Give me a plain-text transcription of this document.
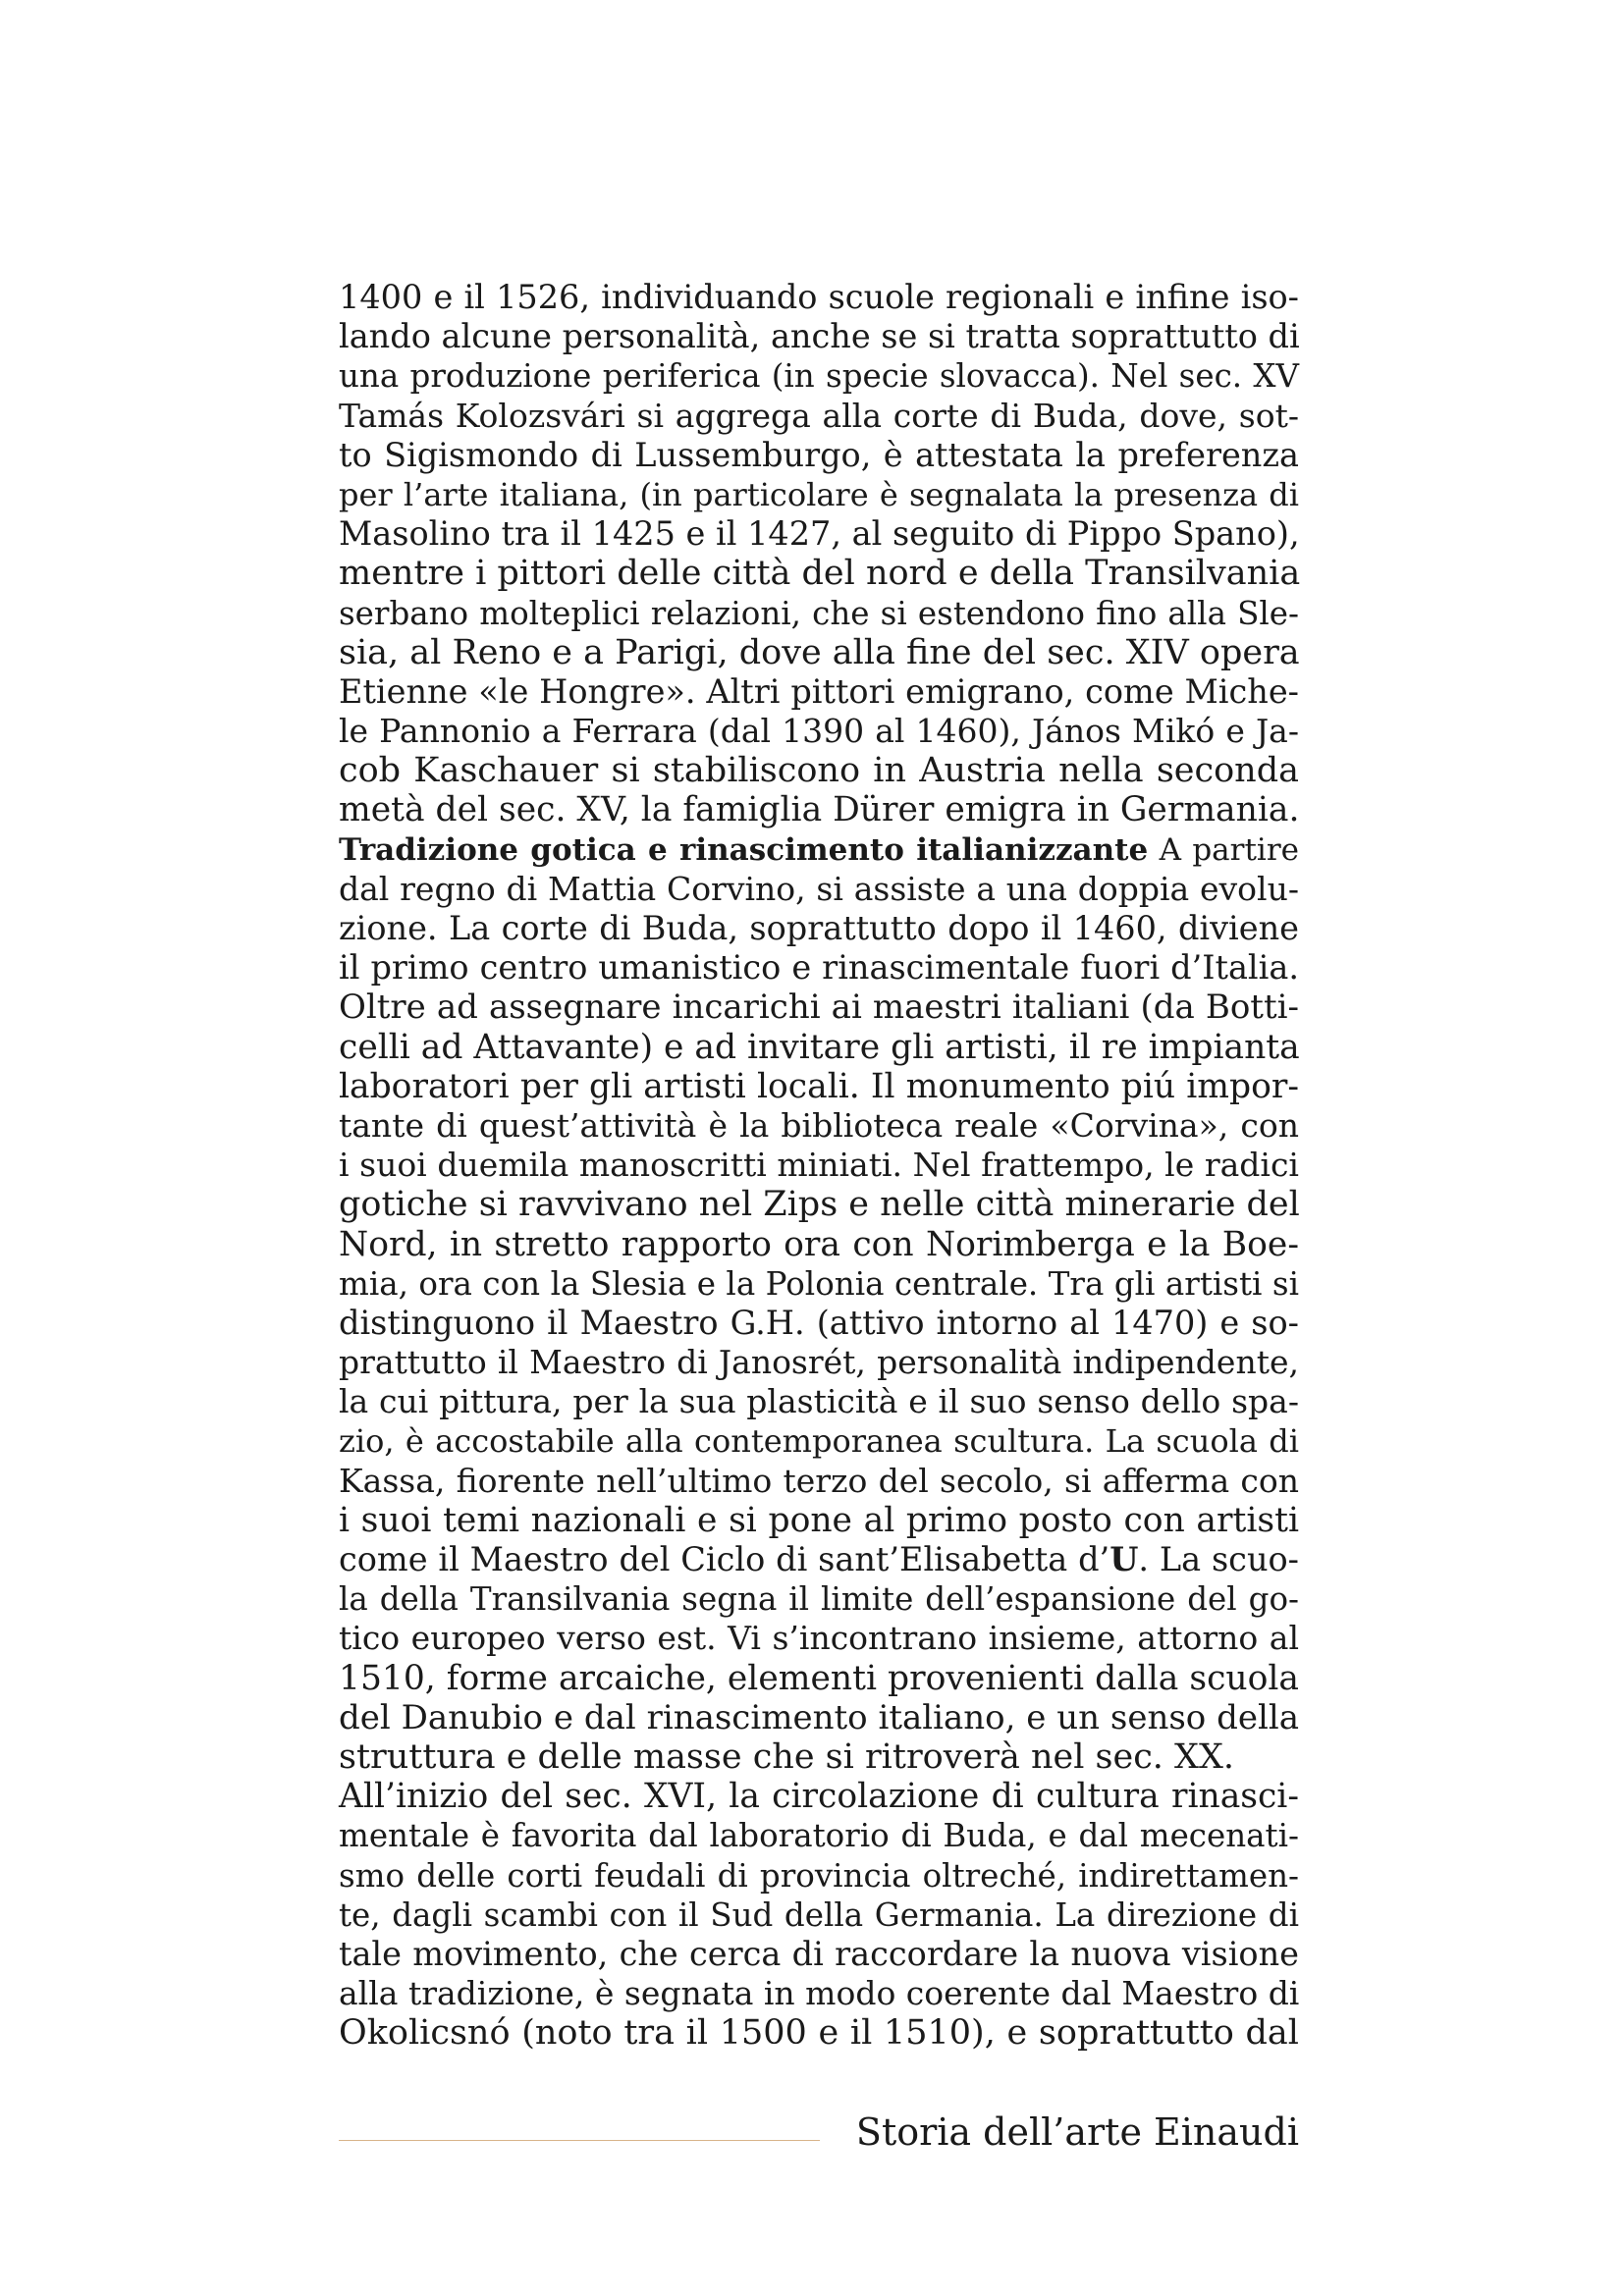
1400 e il 1526, individuando scuole regionali e infine iso-
lando alcune personalità, anche se si tratta soprattutto di
una produzione periferica (in specie slovacca). Nel sec. XV
Tamás Kolozsvári si aggrega alla corte di Buda, dove, sot-
to Sigismondo di Lussemburgo, è attestata la preferenza
per l’arte italiana, (in particolare è segnalata la presenza di
Masolino tra il 1425 e il 1427, al seguito di Pippo Spano),
mentre i pittori delle città del nord e della Transilvania
serbano molteplici relazioni, che si estendono fino alla Sle-
sia, al Reno e a Parigi, dove alla fine del sec. XIV opera
Etienne «le Hongre». Altri pittori emigrano, come Miche-
le Pannonio a Ferrara (dal 1390 al 1460), János Mikó e Ja-
cob Kaschauer si stabiliscono in Austria nella seconda
metà del sec. XV, la famiglia Dürer emigra in Germania.
Tradizione gotica e rinascimento italianizzante A partire
dal regno di Mattia Corvino, si assiste a una doppia evolu-
zione. La corte di Buda, soprattutto dopo il 1460, diviene
il primo centro umanistico e rinascimentale fuori d’Italia.
Oltre ad assegnare incarichi ai maestri italiani (da Botti-
celli ad Attavante) e ad invitare gli artisti, il re impianta
laboratori per gli artisti locali. Il monumento piú impor-
tante di quest’attività è la biblioteca reale «Corvina», con
i suoi duemila manoscritti miniati. Nel frattempo, le radici
gotiche si ravvivano nel Zips e nelle città minerarie del
Nord, in stretto rapporto ora con Norimberga e la Boe-
mia, ora con la Slesia e la Polonia centrale. Tra gli artisti si
distinguono il Maestro G.H. (attivo intorno al 1470) e so-
prattutto il Maestro di Janosrét, personalità indipendente,
la cui pittura, per la sua plasticità e il suo senso dello spa-
zio, è accostabile alla contemporanea scultura. La scuola di
Kassa, fiorente nell’ultimo terzo del secolo, si afferma con
i suoi temi nazionali e si pone al primo posto con artisti
come il Maestro del Ciclo di sant’Elisabetta d’U. La scuo-
la della Transilvania segna il limite dell’espansione del go-
tico europeo verso est. Vi s’incontrano insieme, attorno al
1510, forme arcaiche, elementi provenienti dalla scuola
del Danubio e dal rinascimento italiano, e un senso della
struttura e delle masse che si ritroverà nel sec. XX.
All’inizio del sec. XVI, la circolazione di cultura rinasci-
mentale è favorita dal laboratorio di Buda, e dal mecenati-
smo delle corti feudali di provincia oltreché, indirettamen-
te, dagli scambi con il Sud della Germania. La direzione di
tale movimento, che cerca di raccordare la nuova visione
alla tradizione, è segnata in modo coerente dal Maestro di
Okolicsnó (noto tra il 1500 e il 1510), e soprattutto dal
Storia dell’arte Einaudi
